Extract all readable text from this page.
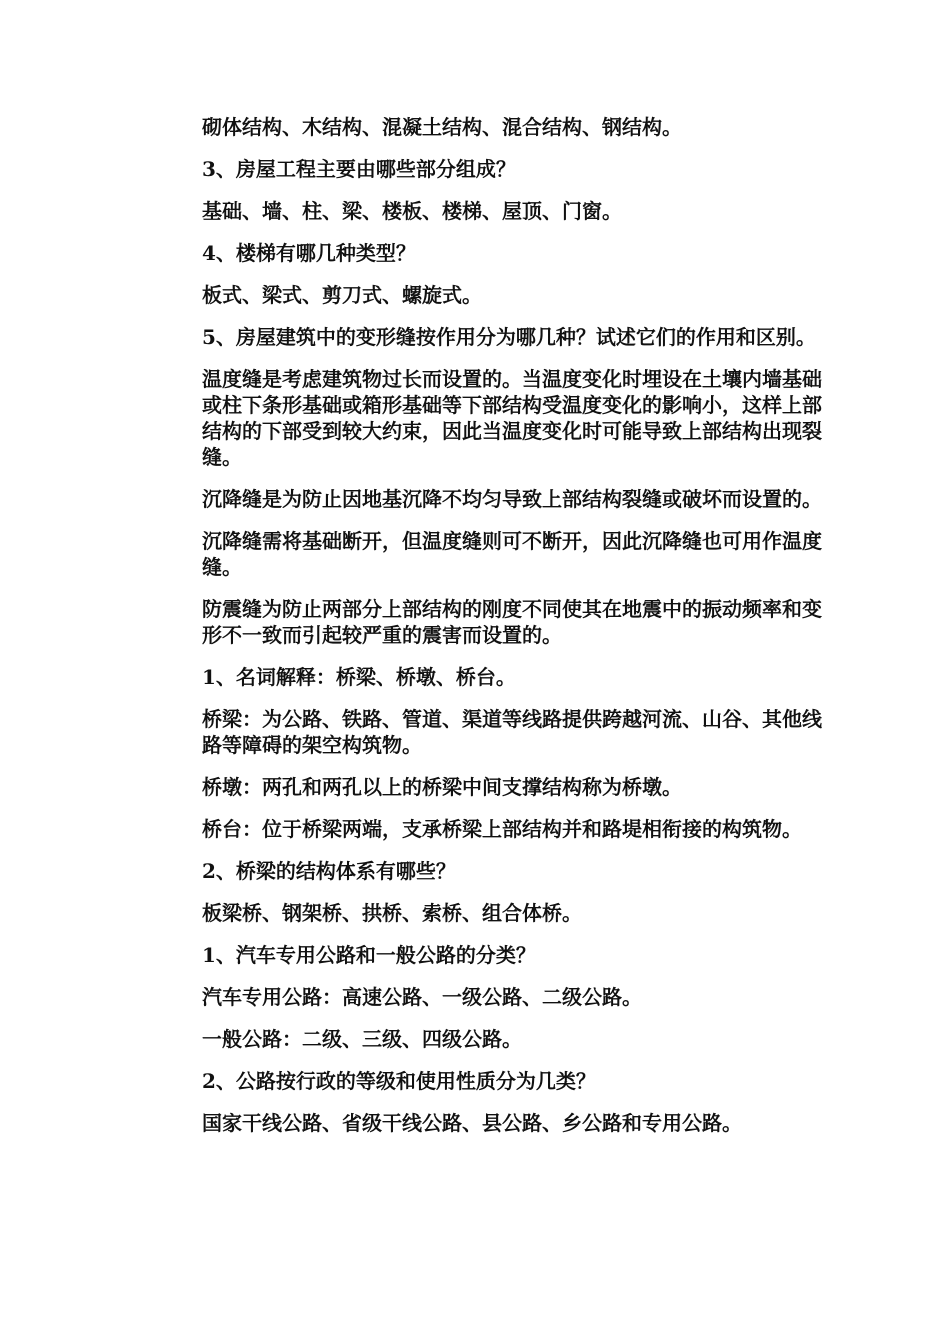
砌体结构、木结构、混凝土结构、混合结构、钢结构。

3、房屋工程主要由哪些部分组成？

基础、墙、柱、梁、楼板、楼梯、屋顶、门窗。

4、楼梯有哪几种类型？

板式、梁式、剪刀式、螺旋式。

5、房屋建筑中的变形缝按作用分为哪几种？试述它们的作用和区别。

温度缝是考虑建筑物过长而设置的。当温度变化时埋设在土壤内墙基础或柱下条形基础或箱形基础等下部结构受温度变化的影响小，这样上部结构的下部受到较大约束，因此当温度变化时可能导致上部结构出现裂缝。

沉降缝是为防止因地基沉降不均匀导致上部结构裂缝或破坏而设置的。

沉降缝需将基础断开，但温度缝则可不断开，因此沉降缝也可用作温度缝。

防震缝为防止两部分上部结构的刚度不同使其在地震中的振动频率和变形不一致而引起较严重的震害而设置的。

1、名词解释：桥梁、桥墩、桥台。

桥梁：为公路、铁路、管道、渠道等线路提供跨越河流、山谷、其他线路等障碍的架空构筑物。

桥墩：两孔和两孔以上的桥梁中间支撑结构称为桥墩。

桥台：位于桥梁两端，支承桥梁上部结构并和路堤相衔接的构筑物。

2、桥梁的结构体系有哪些？

板梁桥、钢架桥、拱桥、索桥、组合体桥。

1、汽车专用公路和一般公路的分类？

汽车专用公路：高速公路、一级公路、二级公路。

一般公路：二级、三级、四级公路。

2、公路按行政的等级和使用性质分为几类？

国家干线公路、省级干线公路、县公路、乡公路和专用公路。
